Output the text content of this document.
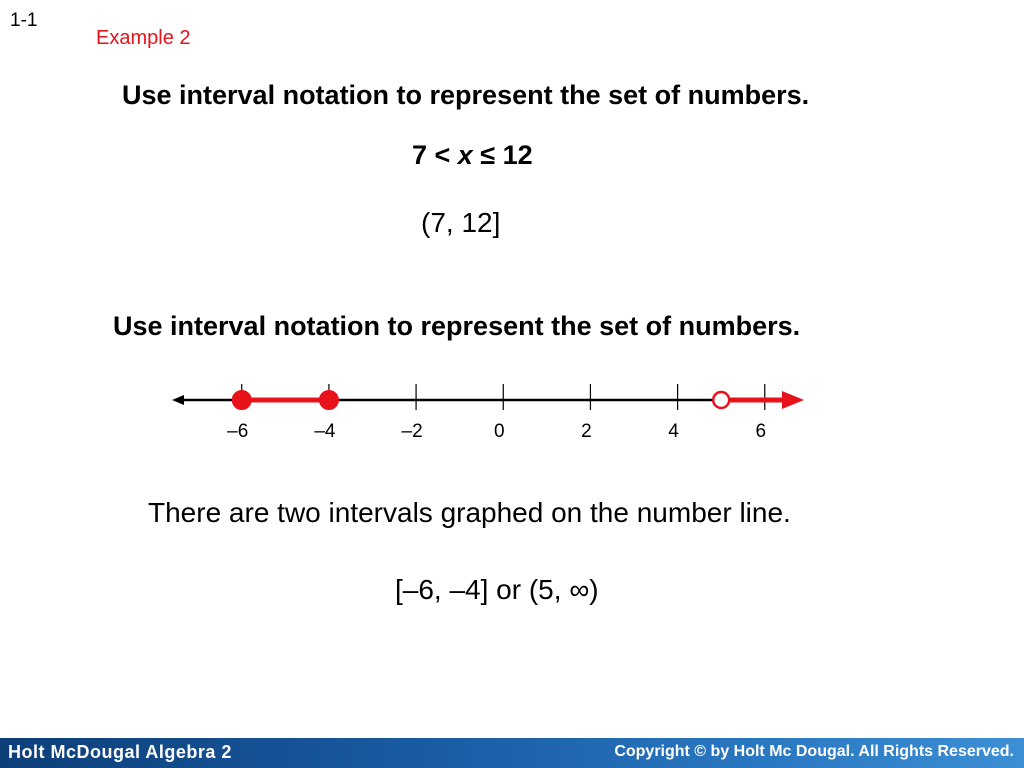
1-1
Example 2
Use interval notation to represent the set of numbers.
7 < x ≤ 12
(7, 12]
Use interval notation to represent the set of numbers.
–6	–4	–2	0	2	4	6
There are two intervals graphed on the number line.
[–6, –4] or (5, ∞)
Holt McDougal Algebra 2	Copyright © by Holt Mc Dougal. All Rights Reserved.
